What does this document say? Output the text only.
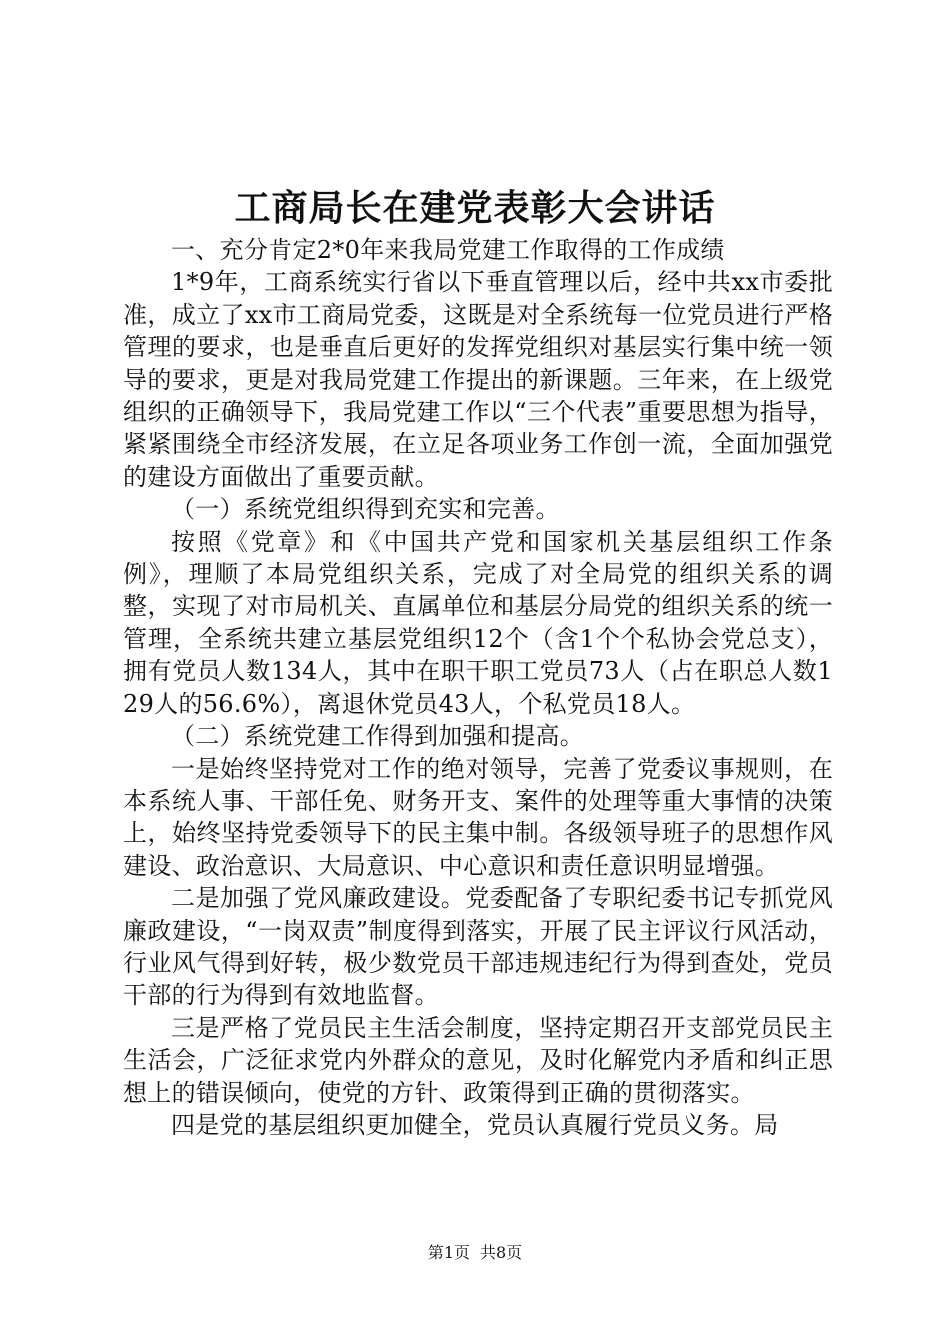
工商局长在建党表彰大会讲话

一、充分肯定2*0年来我局党建工作取得的工作成绩

1*9年，工商系统实行省以下垂直管理以后，经中共xx市委批准，成立了xx市工商局党委，这既是对全系统每一位党员进行严格管理的要求，也是垂直后更好的发挥党组织对基层实行集中统一领导的要求，更是对我局党建工作提出的新课题。三年来，在上级党组织的正确领导下，我局党建工作以“三个代表”重要思想为指导，紧紧围绕全市经济发展，在立足各项业务工作创一流，全面加强党的建设方面做出了重要贡献。

（一）系统党组织得到充实和完善。

按照《党章》和《中国共产党和国家机关基层组织工作条例》，理顺了本局党组织关系，完成了对全局党的组织关系的调整，实现了对市局机关、直属单位和基层分局党的组织关系的统一管理，全系统共建立基层党组织12个（含1个个私协会党总支），拥有党员人数134人，其中在职干职工党员73人（占在职总人数129人的56.6%），离退休党员43人，个私党员18人。

（二）系统党建工作得到加强和提高。

一是始终坚持党对工作的绝对领导，完善了党委议事规则，在本系统人事、干部任免、财务开支、案件的处理等重大事情的决策上，始终坚持党委领导下的民主集中制。各级领导班子的思想作风建设、政治意识、大局意识、中心意识和责任意识明显增强。

二是加强了党风廉政建设。党委配备了专职纪委书记专抓党风廉政建设，“一岗双责”制度得到落实，开展了民主评议行风活动，行业风气得到好转，极少数党员干部违规违纪行为得到查处，党员干部的行为得到有效地监督。

三是严格了党员民主生活会制度，坚持定期召开支部党员民主生活会，广泛征求党内外群众的意见，及时化解党内矛盾和纠正思想上的错误倾向，使党的方针、政策得到正确的贯彻落实。

四是党的基层组织更加健全，党员认真履行党员义务。局

第1页 共8页
